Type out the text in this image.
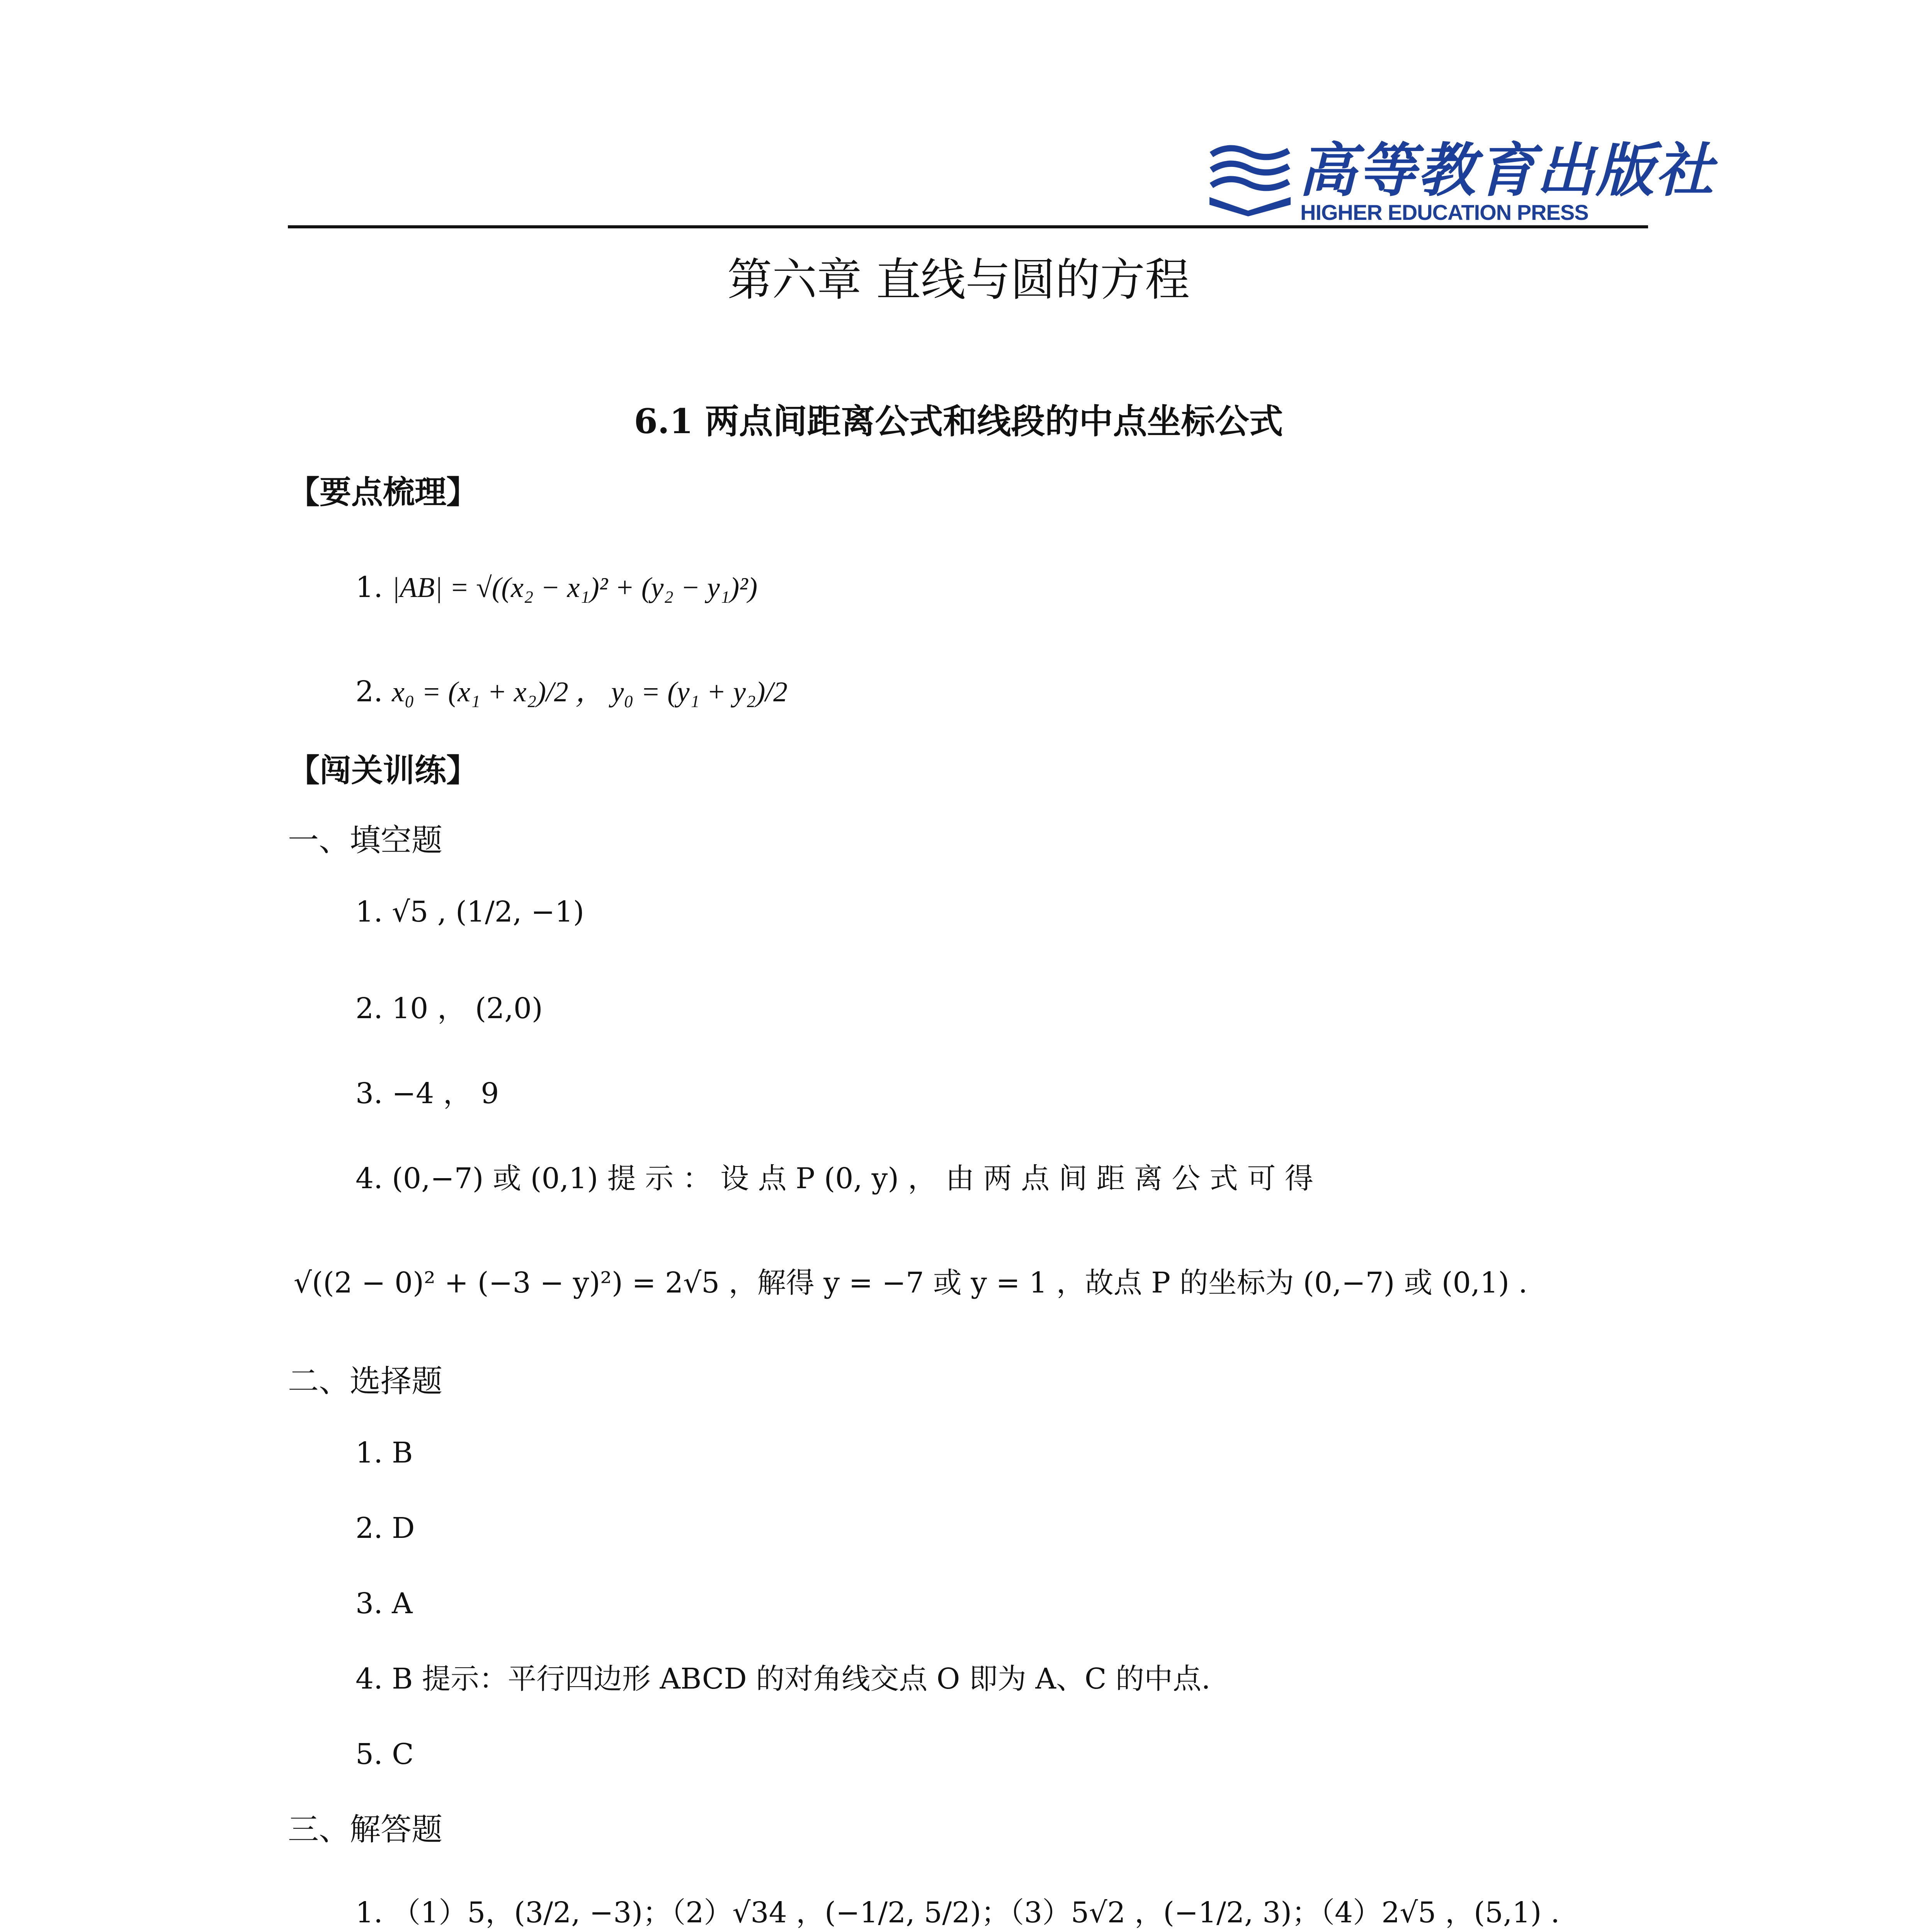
高等教育出版社
HIGHER EDUCATION PRESS
第六章 直线与圆的方程
6.1 两点间距离公式和线段的中点坐标公式
【要点梳理】
1. |AB| = √((x₂ − x₁)² + (y₂ − y₁)²)
2. x₀ = (x₁ + x₂)/2 ， y₀ = (y₁ + y₂)/2
【闯关训练】
一、填空题
1. √5 , (1/2, −1)
2. 10 ， (2,0)
3. −4 ， 9
4. (0,−7) 或 (0,1) 提 示 ： 设 点 P (0, y) ， 由 两 点 间 距 离 公 式 可 得
√((2 − 0)² + (−3 − y)²) = 2√5 ，解得 y = −7 或 y = 1 ，故点 P 的坐标为 (0,−7) 或 (0,1) .
二、选择题
1. B
2. D
3. A
4. B 提示：平行四边形 ABCD 的对角线交点 O 即为 A、C 的中点.
5. C
三、解答题
1. （1）5，(3/2, −3)；（2）√34 ，(−1/2, 5/2)；（3）5√2 ，(−1/2, 3)；（4）2√5 ，(5,1) .
